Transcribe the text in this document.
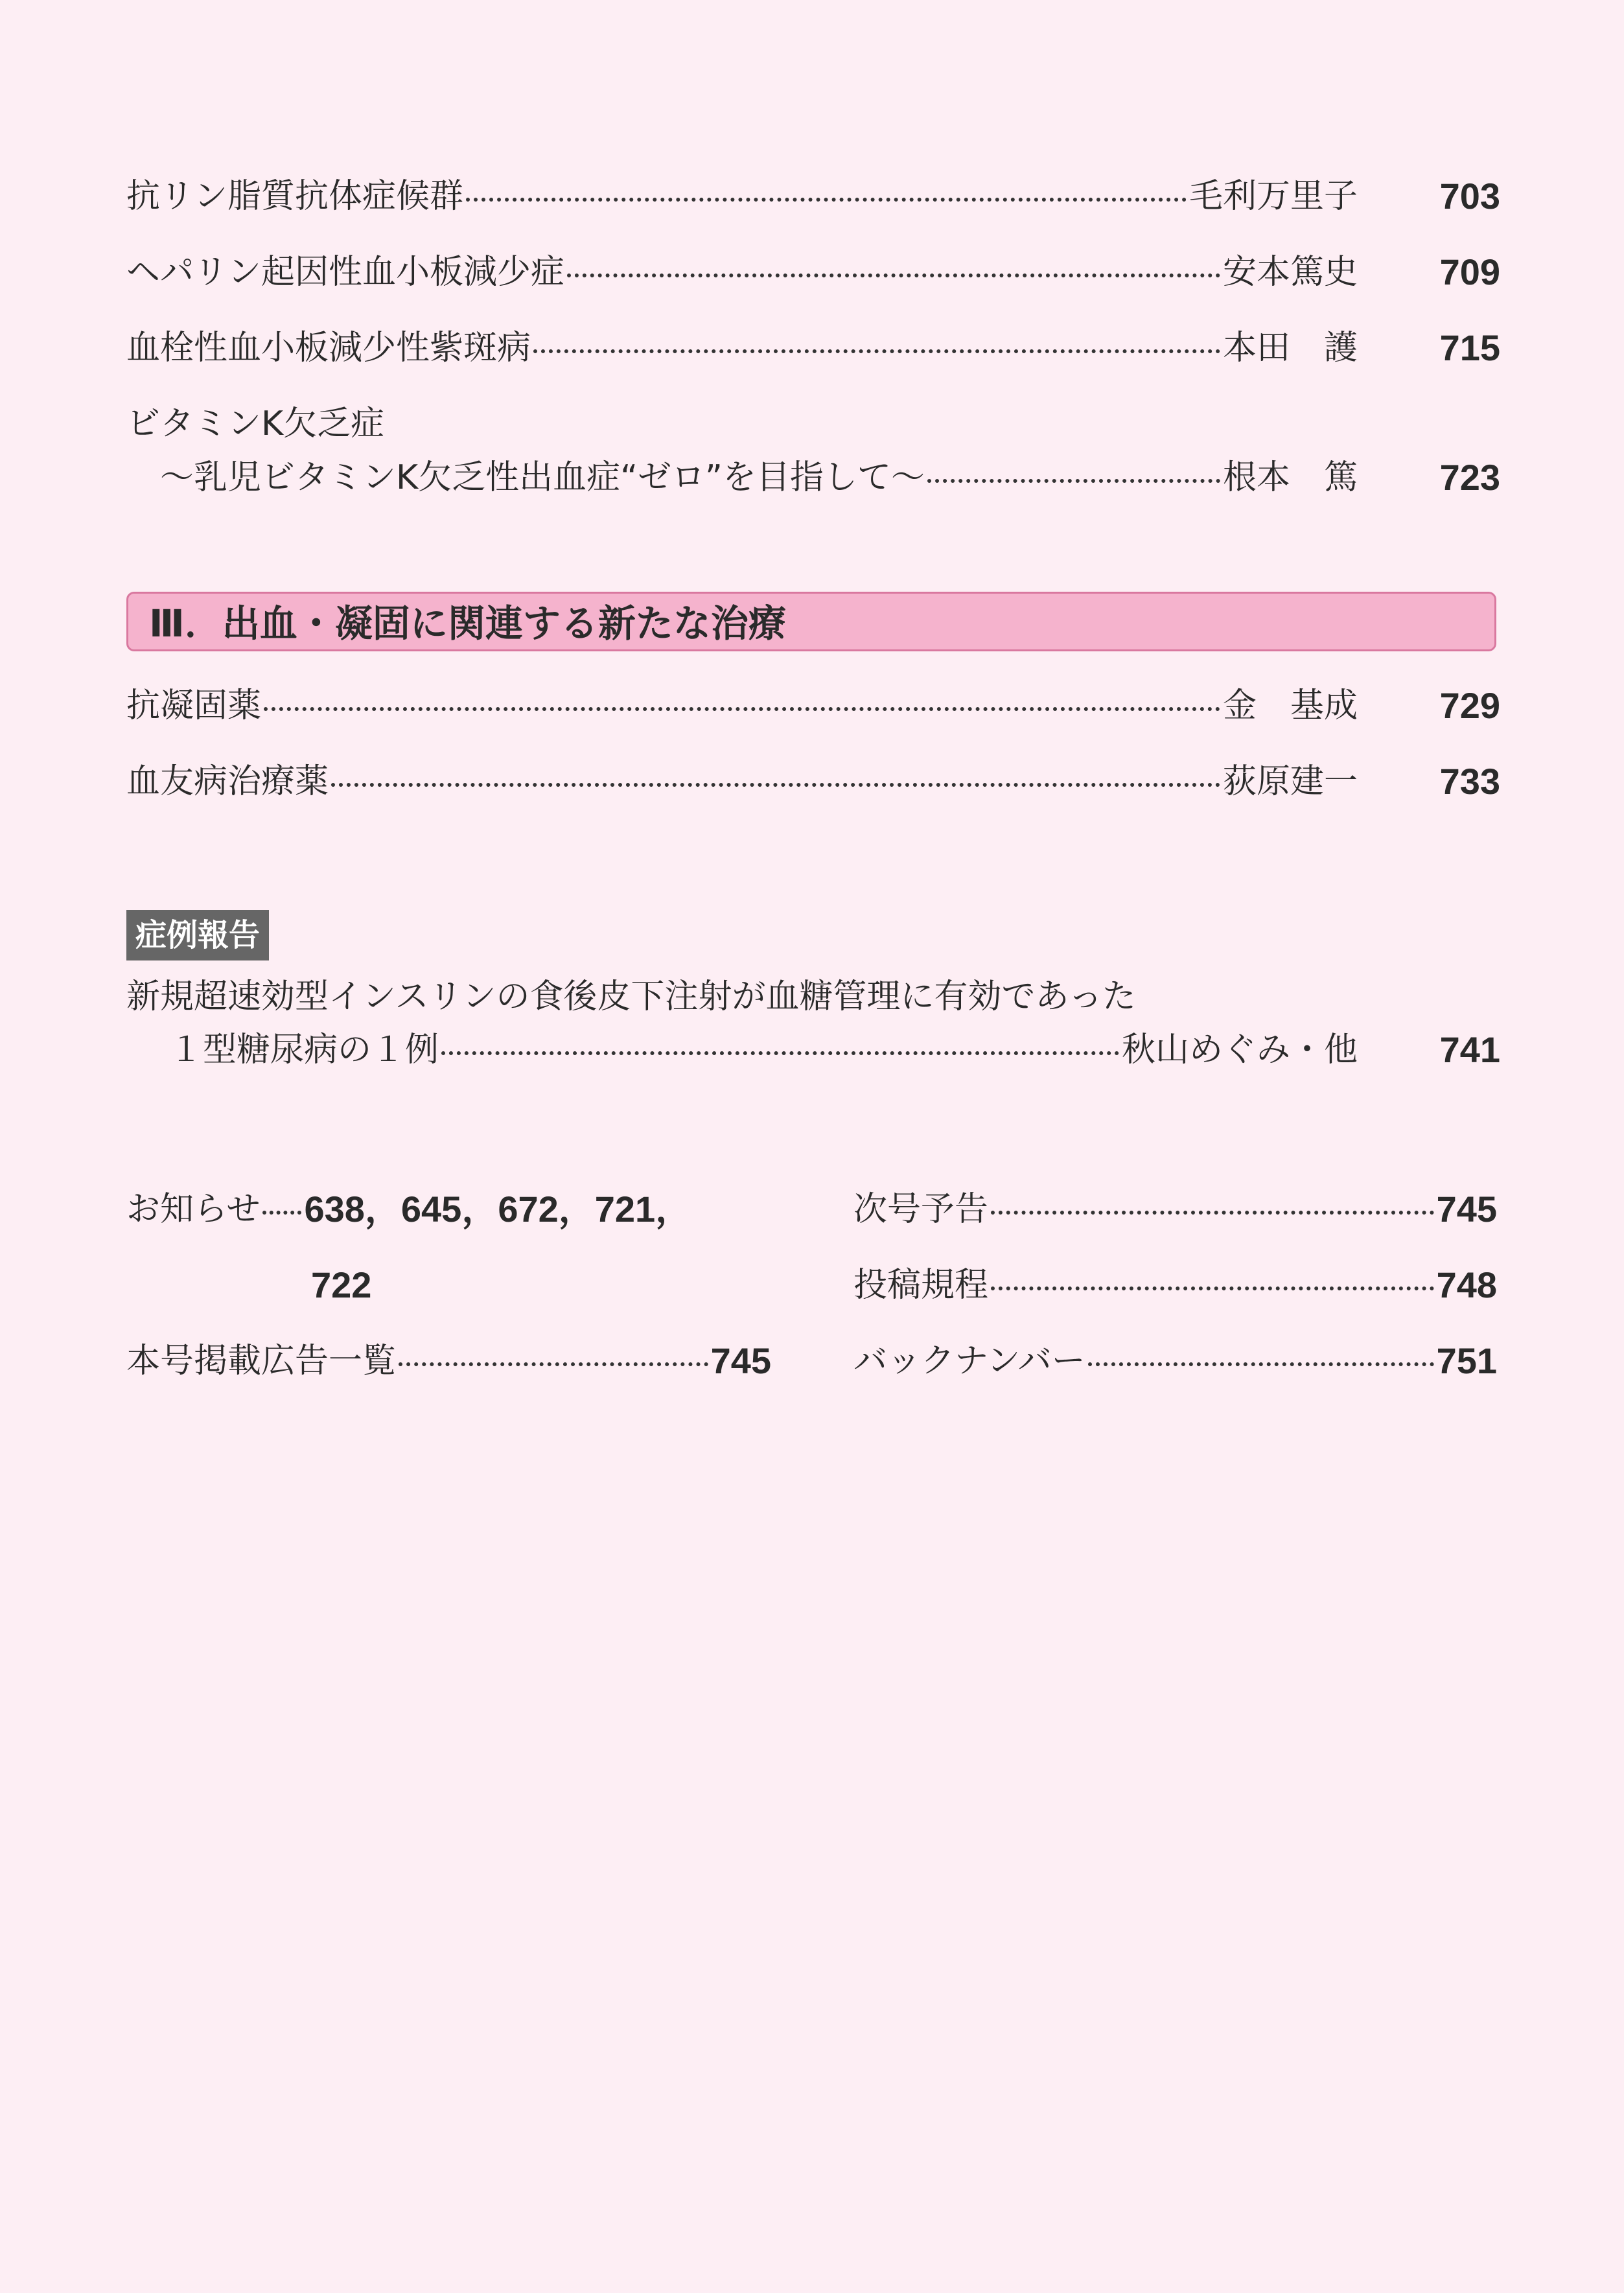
抗リン脂質抗体症候群	毛利万里子	703
ヘパリン起因性血小板減少症	安本篤史	709
血栓性血小板減少性紫斑病	本田　護	715
ビタミンK欠乏症
～乳児ビタミンK欠乏性出血症“ゼロ”を目指して～	根本　篤	723
Ⅲ．出血・凝固に関連する新たな治療
抗凝固薬	金　基成	729
血友病治療薬	荻原建一	733
症例報告
新規超速効型インスリンの食後皮下注射が血糖管理に有効であった
１型糖尿病の１例	秋山めぐみ・他	741
お知らせ 638，645，672，721，
722
本号掲載広告一覧	745
次号予告	745
投稿規程	748
バックナンバー	751
